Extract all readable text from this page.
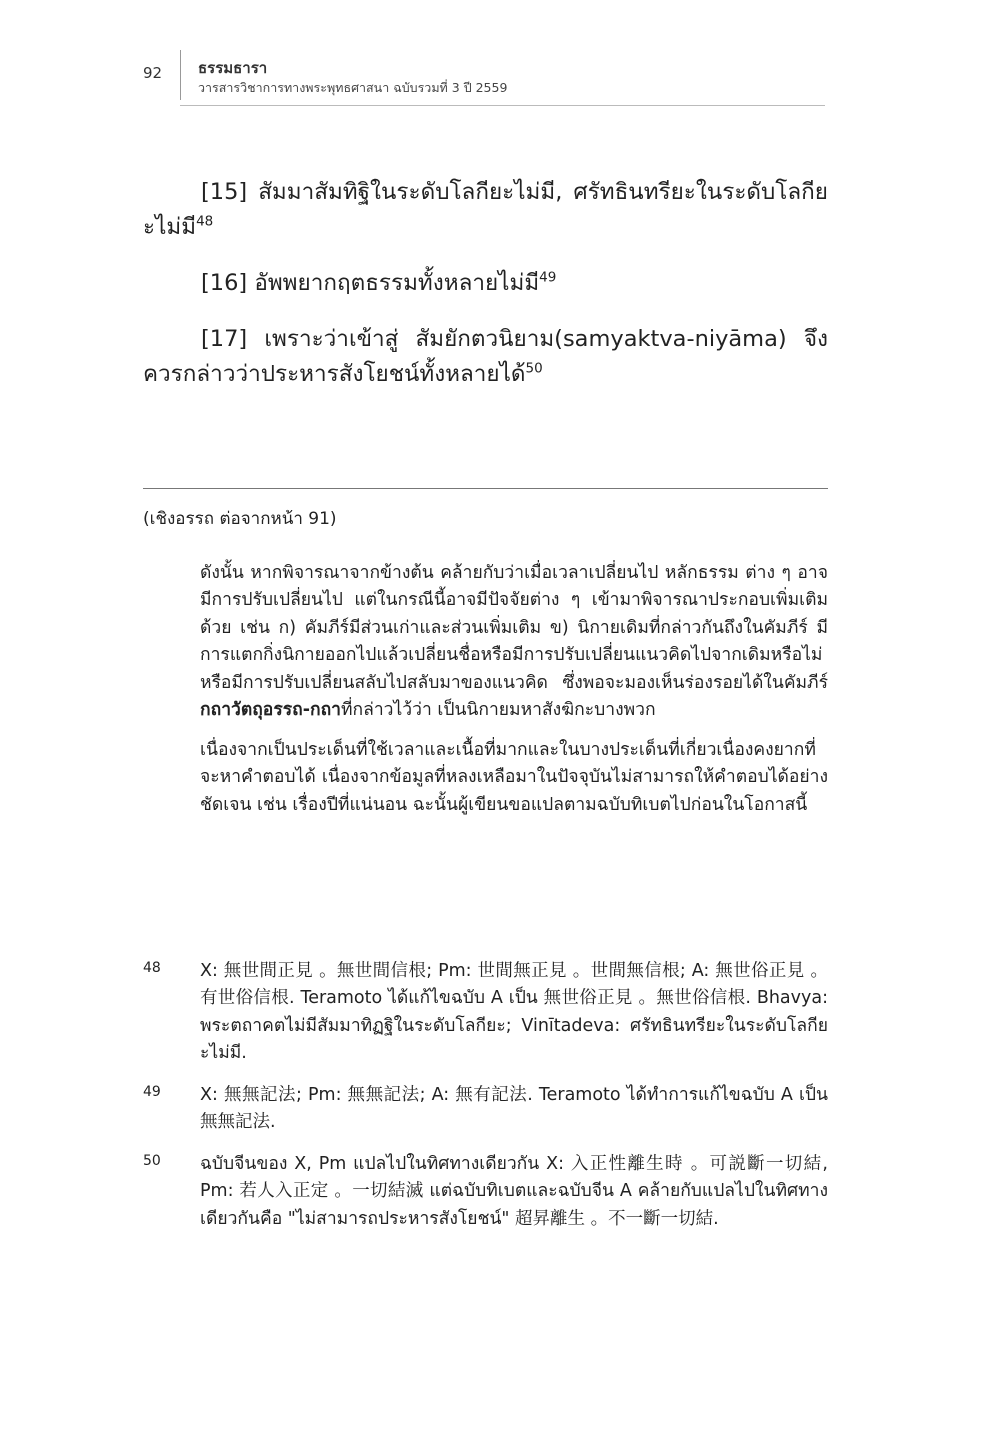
92 ธรรมธารา
วารสารวิชาการทางพระพุทธศาสนา ฉบับรวมที่ 3 ปี 2559

[15] สัมมาสัมทิฐิในระดับโลกียะไม่มี, ศรัทธินทรียะในระดับโลกียะไม่มี$^{48}$

[16] อัพพยากฤตธรรมทั้งหลายไม่มี$^{49}$

[17] เพราะว่าเข้าสู่ สัมยักตวนิยาม(samyaktva-niyāma) จึงควรกล่าวว่าประหารสังโยชน์ทั้งหลายได้$^{50}$

(เชิงอรรถ ต่อจากหน้า 91)

ดังนั้น หากพิจารณาจากข้างต้น คล้ายกับว่าเมื่อเวลาเปลี่ยนไป หลักธรรม ต่าง ๆ อาจมีการปรับเปลี่ยนไป แต่ในกรณีนี้อาจมีปัจจัยต่าง ๆ เข้ามาพิจารณาประกอบเพิ่มเติมด้วย เช่น ก) คัมภีร์มีส่วนเก่าและส่วนเพิ่มเติม ข) นิกายเดิมที่กล่าวกันถึงในคัมภีร์ มีการแตกกิ่งนิกายออกไปแล้วเปลี่ยนชื่อหรือมีการปรับเปลี่ยนแนวคิดไปจากเดิมหรือไม่ หรือมีการปรับเปลี่ยนสลับไปสลับมาของแนวคิด ซึ่งพอจะมองเห็นร่องรอยได้ในคัมภีร์กถาวัตถุอรรถ-กถาที่กล่าวไว้ว่า เป็นนิกายมหาสังฆิกะบางพวก

เนื่องจากเป็นประเด็นที่ใช้เวลาและเนื้อที่มากและในบางประเด็นที่เกี่ยวเนื่องคงยากที่จะหาคำตอบได้ เนื่องจากข้อมูลที่หลงเหลือมาในปัจจุบันไม่สามารถให้คำตอบได้อย่างชัดเจน เช่น เรื่องปีที่แน่นอน ฉะนั้นผู้เขียนขอแปลตามฉบับทิเบตไปก่อนในโอกาสนี้

48 X: 無世間正見 。無世間信根; Pm: 世間無正見 。世間無信根; A: 無世俗正見 。有世俗信根. Teramoto ได้แก้ไขฉบับ A เป็น 無世俗正見 。無世俗信根. Bhavya: พระตถาคตไม่มีสัมมาทิฏฐิในระดับโลกียะ; Vinītadeva: ศรัทธินทรียะในระดับโลกียะไม่มี.
49 X: 無無記法; Pm: 無無記法; A: 無有記法. Teramoto ได้ทำการแก้ไขฉบับ A เป็น 無無記法.
50 ฉบับจีนของ X, Pm แปลไปในทิศทางเดียวกัน X: 入正性離生時 。可説斷一切結, Pm: 若人入正定 。一切結滅 แต่ฉบับทิเบตและฉบับจีน A คล้ายกับแปลไปในทิศทางเดียวกันคือ "ไม่สามารถประหารสังโยชน์" 超昇離生 。不一斷一切結.
